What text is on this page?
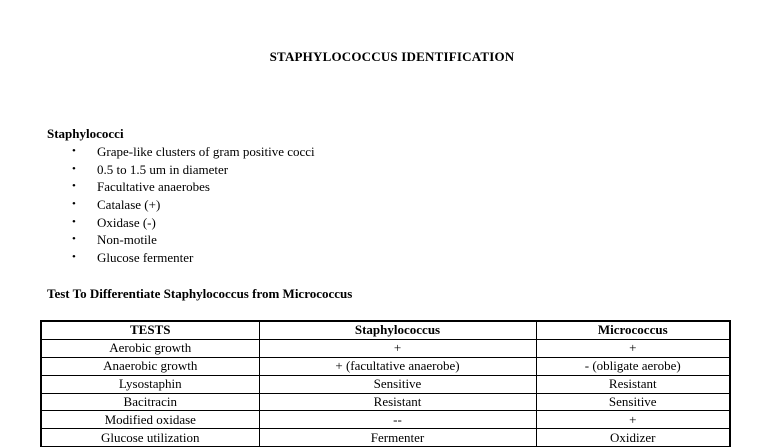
STAPHYLOCOCCUS IDENTIFICATION
Staphylococci
•	Grape-like clusters of gram positive cocci
•	0.5 to 1.5 um in diameter
•	Facultative anaerobes
•	Catalase (+)
•	Oxidase (-)
•	Non-motile
•	Glucose fermenter
Test To Differentiate Staphylococcus from Micrococcus
TESTS	Staphylococcus	Micrococcus
Aerobic growth	+	+
Anaerobic growth	+ (facultative anaerobe)	- (obligate aerobe)
Lysostaphin	Sensitive	Resistant
Bacitracin	Resistant	Sensitive
Modified oxidase	--	+
Glucose utilization	Fermenter	Oxidizer
